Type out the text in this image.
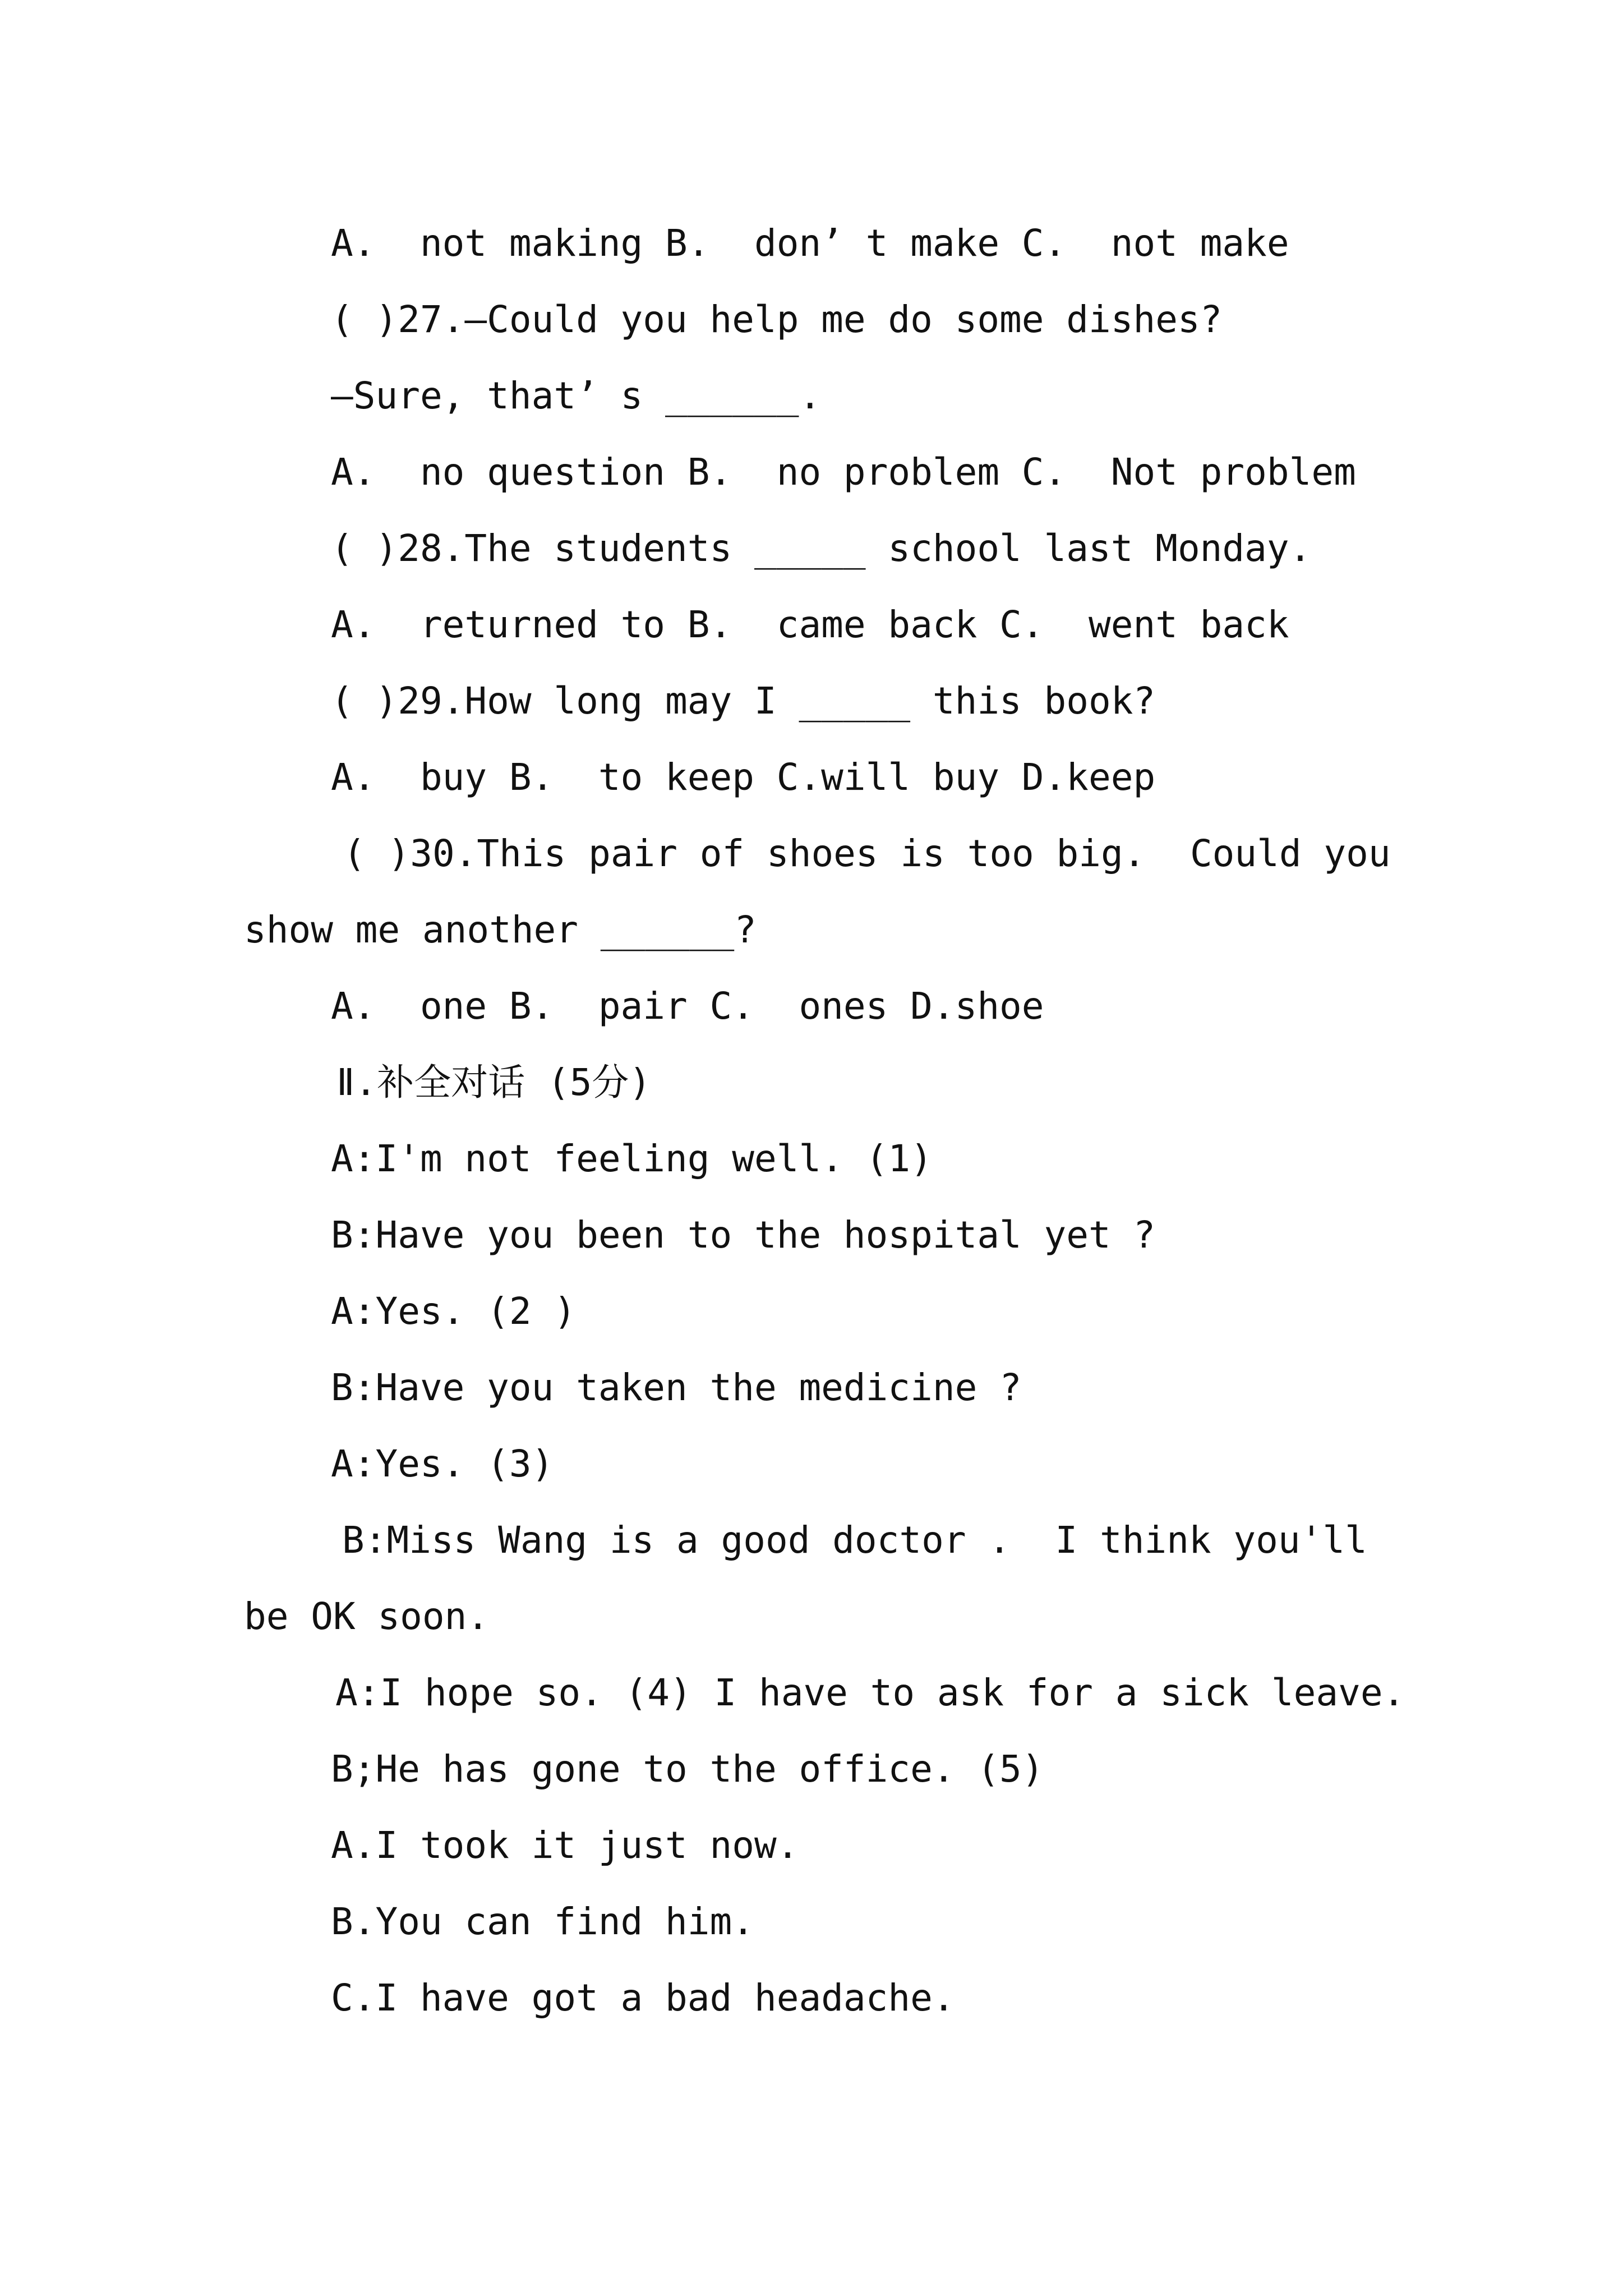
A.  not making B.  don’ t make C.  not make

( )27.—Could you help me do some dishes?

—Sure, that’ s ______.

A.  no question B.  no problem C.  Not problem

( )28.The students _____ school last Monday.

A.  returned to B.  came back C.  went back

( )29.How long may I _____ this book?

A.  buy B.  to keep C.will buy D.keep

( )30.This pair of shoes is too big.  Could you

show me another ______?

A.  one B.  pair C.  ones D.shoe

Ⅱ.补全对话 (5分)

A:I'm not feeling well. (1)

B:Have you been to the hospital yet ?

A:Yes. (2 )

B:Have you taken the medicine ?

A:Yes. (3)

B:Miss Wang is a good doctor .  I think you'll

be OK soon.

A:I hope so. (4) I have to ask for a sick leave.

B;He has gone to the office. (5)

A.I took it just now.

B.You can find him.

C.I have got a bad headache.
